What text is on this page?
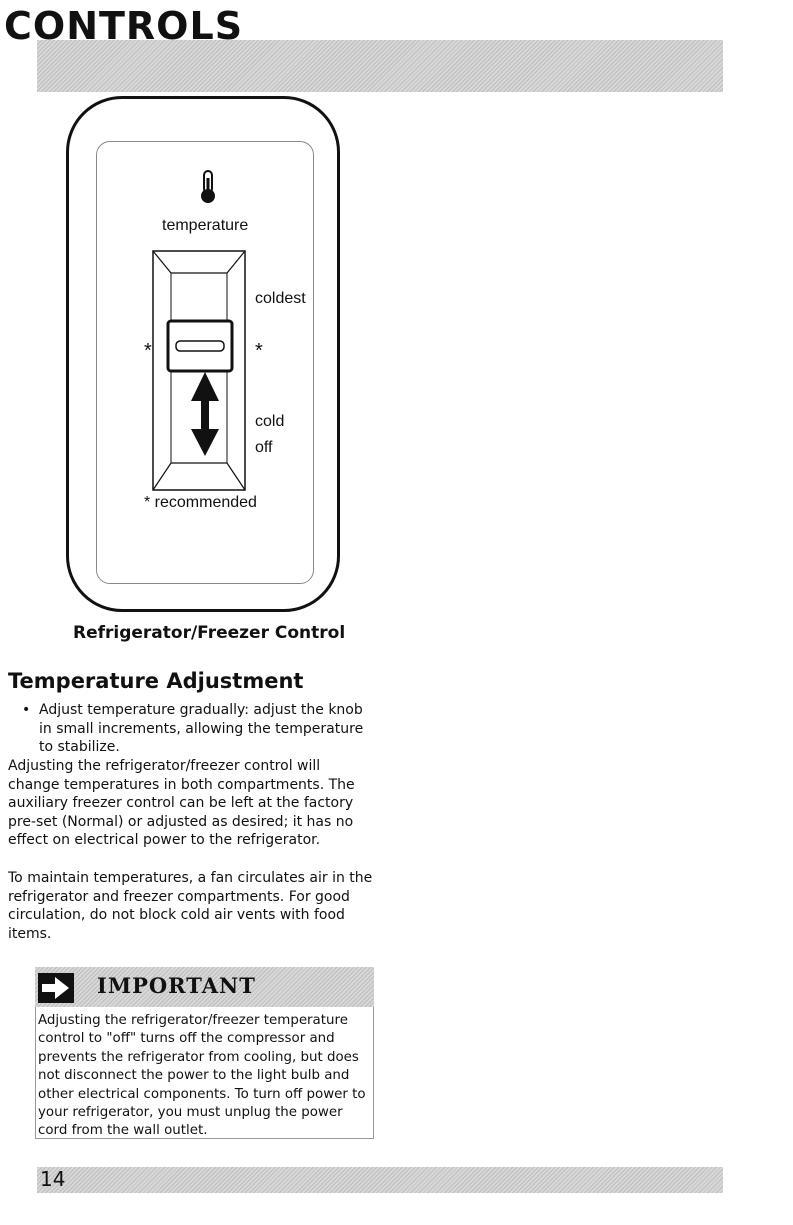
CONTROLS
temperature
*	*
coldest
cold
off
* recommended
Refrigerator/Freezer Control
Temperature Adjustment
• Adjust temperature gradually: adjust the knob in small increments, allowing the temperature to stabilize.
Adjusting the refrigerator/freezer control will change temperatures in both compartments. The auxiliary freezer control can be left at the factory pre-set (Normal) or adjusted as desired; it has no effect on electrical power to the refrigerator.
To maintain temperatures, a fan circulates air in the refrigerator and freezer compartments. For good circulation, do not block cold air vents with food items.
IMPORTANT
Adjusting the refrigerator/freezer temperature control to "off" turns off the compressor and prevents the refrigerator from cooling, but does not disconnect the power to the light bulb and other electrical components. To turn off power to your refrigerator, you must unplug the power cord from the wall outlet.
14
